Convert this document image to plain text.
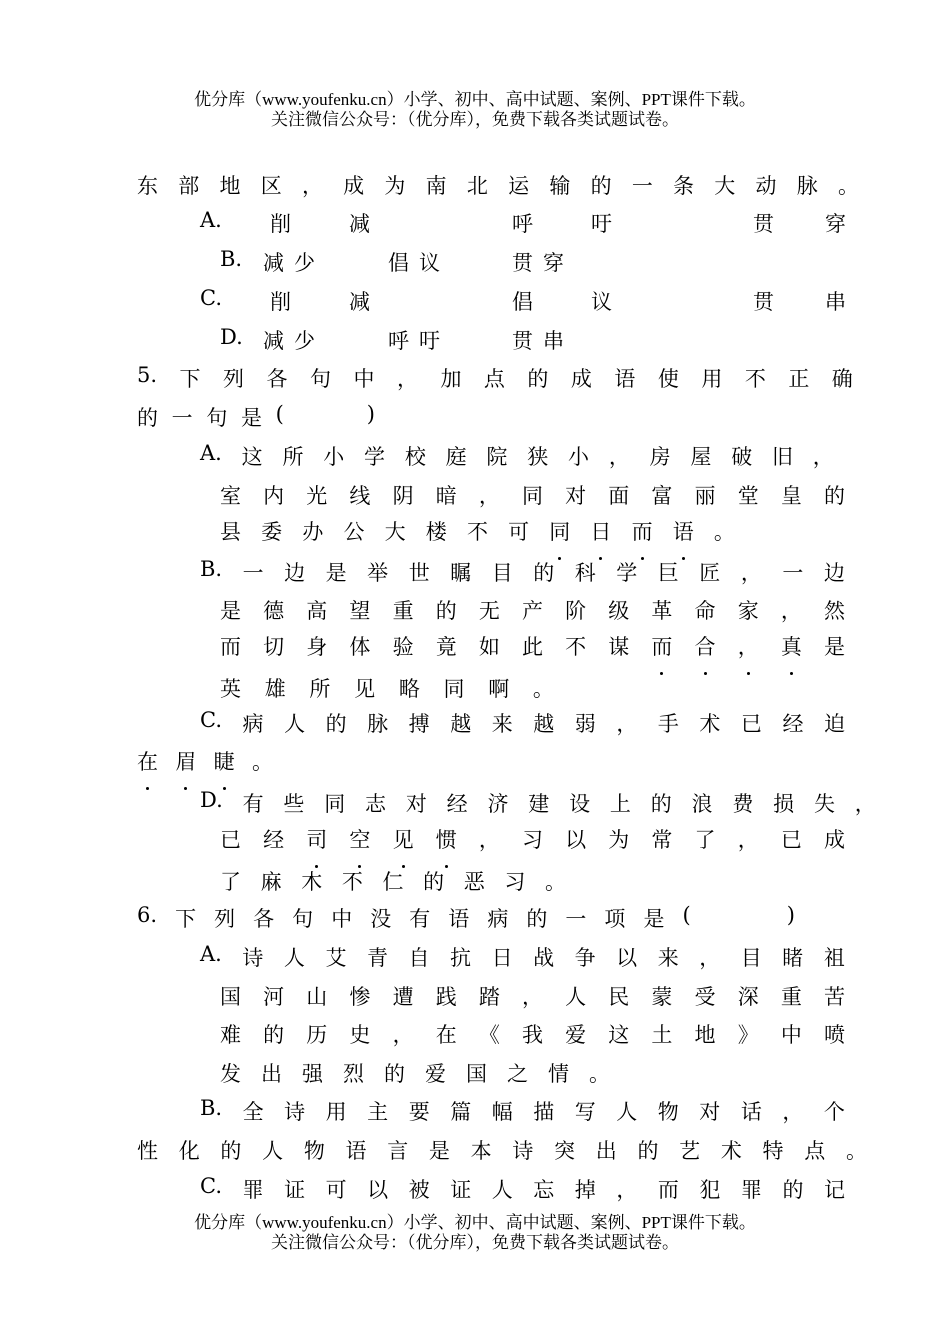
优分库（www.youfenku.cn）小学、初中、高中试题、案例、PPT课件下载。
关注微信公众号：（优分库），免费下载各类试题试卷。
东 部 地 区 ， 成 为 南 北 运 输 的 一 条 大 动 脉 。
A. 削减	呼吁	贯穿
B. 减少	倡议	贯穿
C. 削减	倡议	贯串
D. 减少	呼吁	贯串
5. 下 列 各 句 中 ， 加 点 的 成 语 使 用 不 正 确
的 一 句 是 (

　	)
A. 这 所 小 学 校 庭 院 狭 小 ， 房 屋 破 旧 ，
室 内 光 线 阴 暗 ， 同 对 面 富 丽 堂 皇 的
县 委 办 公 大 楼 不 可 同 日 而 语 。
B. 一 边 是 举 世 瞩 目 的 科 学 巨 匠 ， 一 边
是 德 高 望 重 的 无 产 阶 级 革 命 家 ， 然
而 切 身 体 验 竟 如 此 不 谋 而 合 ， 真 是
英 雄 所 见 略 同 啊 。
C. 病 人 的 脉 搏 越 来 越 弱 ， 手 术 已 经 迫
在 眉 睫 。
D. 有 些 同 志 对 经 济 建 设 上 的 浪 费 损 失 ，
已 经 司 空 见 惯 ， 习 以 为 常 了 ， 已 成
了 麻 木 不 仁 的 恶 习 。
6. 下 列 各 句 中 没 有 语 病 的 一 项 是 (

　	)
A. 诗 人 艾 青 自 抗 日 战 争 以 来 ， 目 睹 祖
国 河 山 惨 遭 践 踏 ， 人 民 蒙 受 深 重 苦
难 的 历 史 ， 在 《 我 爱 这 土 地 》 中 喷
发 出 强 烈 的 爱 国 之 情 。
B. 全 诗 用 主 要 篇 幅 描 写 人 物 对 话 ， 个
性 化 的 人 物 语 言 是 本 诗 突 出 的 艺 术 特 点 。
C. 罪 证 可 以 被 证 人 忘 掉 ， 而 犯 罪 的 记
优分库（www.youfenku.cn）小学、初中、高中试题、案例、PPT课件下载。
关注微信公众号：（优分库），免费下载各类试题试卷。
